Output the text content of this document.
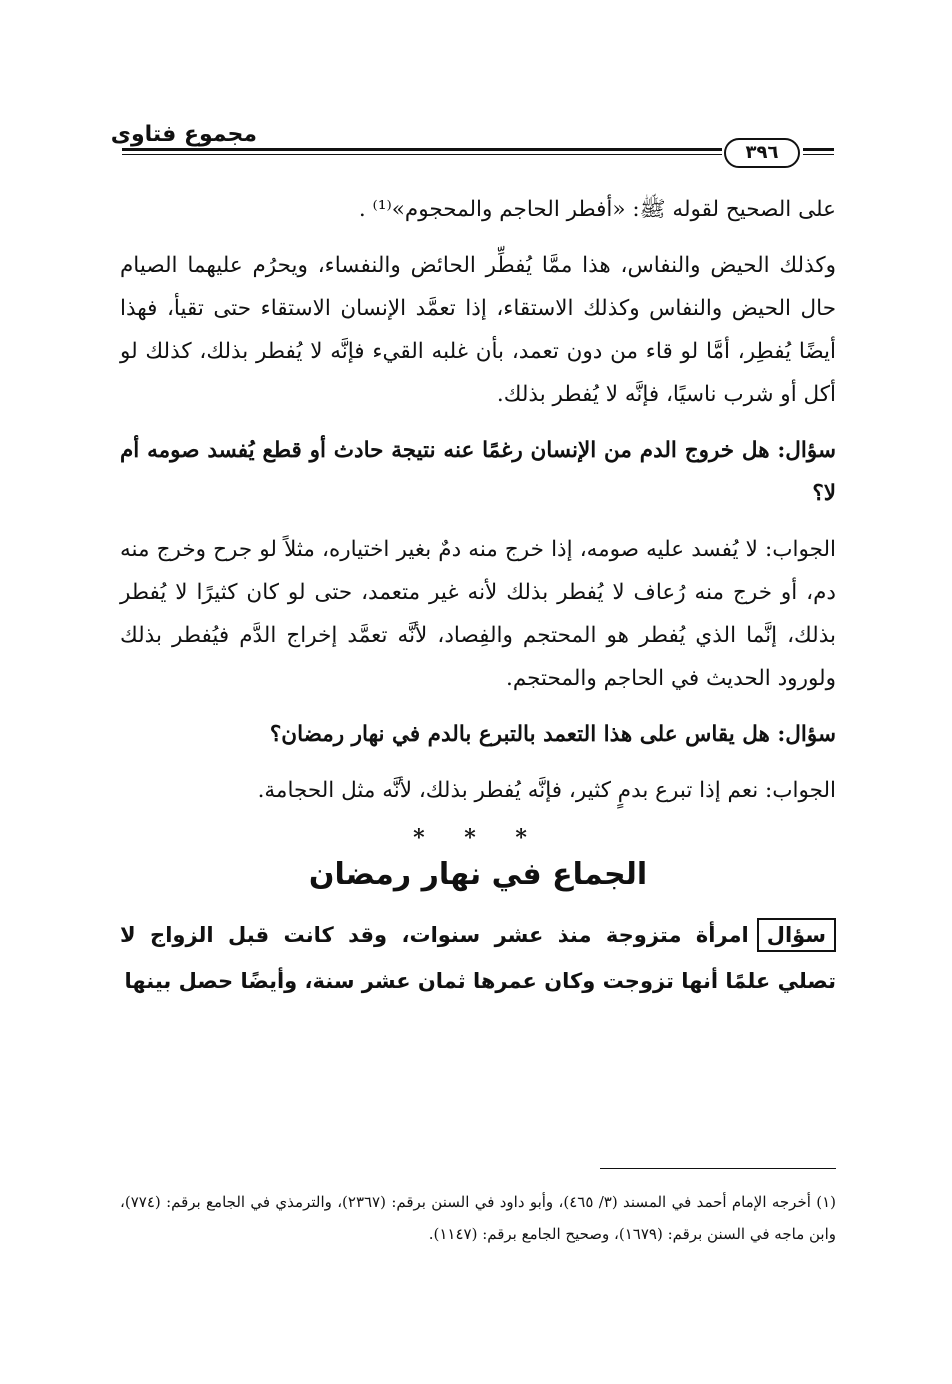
مجموع فتاوى
٣٩٦

على الصحيح لقوله ﷺ: «أفطر الحاجم والمحجوم»⁽¹⁾ .

وكذلك الحيض والنفاس، هذا ممَّا يُفطِّر الحائض والنفساء، ويحرُم عليهما الصيام حال الحيض والنفاس وكذلك الاستقاء، إذا تعمَّد الإنسان الاستقاء حتى تقيأ، فهذا أيضًا يُفطِر، أمَّا لو قاء من دون تعمد، بأن غلبه القيء فإنَّه لا يُفطر بذلك، كذلك لو أكل أو شرب ناسيًا، فإنَّه لا يُفطر بذلك.

سؤال: هل خروج الدم من الإنسان رغمًا عنه نتيجة حادث أو قطع يُفسد صومه أم لا؟

الجواب: لا يُفسد عليه صومه، إذا خرج منه دمٌ بغير اختياره، مثلاً لو جرح وخرج منه دم، أو خرج منه رُعاف لا يُفطر بذلك لأنه غير متعمد، حتى لو كان كثيرًا لا يُفطر بذلك، إنَّما الذي يُفطر هو المحتجم والفِصاد، لأنَّه تعمَّد إخراج الدَّم فيُفطر بذلك ولورود الحديث في الحاجم والمحتجم.

سؤال: هل يقاس على هذا التعمد بالتبرع بالدم في نهار رمضان؟

الجواب: نعم إذا تبرع بدمٍ كثير، فإنَّه يُفطر بذلك، لأنَّه مثل الحجامة.

* * *
الجماع في نهار رمضان
سؤالامرأة متزوجة منذ عشر سنوات، وقد كانت قبل الزواج لا تصلي علمًا أنها تزوجت وكان عمرها ثمان عشر سنة، وأيضًا حصل بينها
(١) أخرجه الإمام أحمد في المسند (٣/ ٤٦٥)، وأبو داود في السنن برقم: (٢٣٦٧)، والترمذي في الجامع برقم: (٧٧٤)، وابن ماجه في السنن برقم: (١٦٧٩)، وصحيح الجامع برقم: (١١٤٧).
